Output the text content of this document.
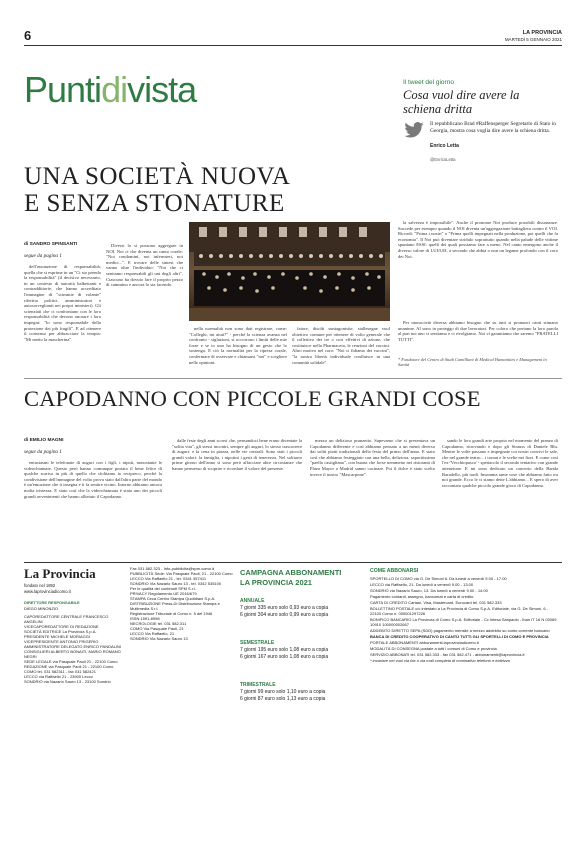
6	LA PROVINCIA
MARTEDÌ 5 GENNAIO 2021
Puntidivista	Il tweet del giorno
Cosa vuol dire avere la schiena dritta
Il repubblicano Brad #Raffensperger Segretario di Stato in Georgia, mostra cosa voglia dire avere la schiena dritta.
Enrico Letta
@EnricoLetta
UNA SOCIETÀ NUOVA
E SENZA STONATURE
di SANDRO SPINSANTI
segue da pagina 1

dell'assunzione di responsabilità, quella che si esprime in un "Ci sto prendo la responsabilità" (il decisivo necessario, in un contesto di autorità balbettanti e contraddittorie, che hanno accreditato l'immagine di "scimmie di volante" rifertita politici, amministratori e autosorveglianti nei propri ministeri). Gli scienziati che ci confrontano con le loro responsabilità che devono onorare i loro impegni: "Io sono responsabile della protezione dei più fragili". E ad ottenere il consenso per abbracciare la terapia: "Mi metto la mascherina".

Diversi lo si possono aggregare in NOI. Noi ci che diventa un canto corale: "Noi condomini, noi infermieri, noi medici...". E trovare delle sintesi che vanno oltre l'individuo: "Noi che ci sentiamo responsabili gli uni degli altri". Ciascuno ha dovuto fare il proprio pezzo di cammino e ancora lo sta facendo.

nella normalità non sono dati registrare, come: "Colleghi, mi aiuti?" - perché la scienza avanza nel confronto - siglazioni, si occorrono i limiti delle mie forze e se io uno ha bisogno di un gesto che lo sostenga. E ciò la normalità per la ripresa corale, confermare di osservare e chiamarsi "noi" e scegliere nelle opinioni.

fatore, disolti suntagonistie, siallesegne vuol obiettivo comune per ottenere di volto generale che il collettivo dei tre o cori effettivi di azione, che costituisce nella Pharmaceia, le reazioni del vaccini. Altro motivo nel coro: "Noi ci fidiamo dei vaccini", "la nostra libertà individuale confluisce in una comunità solidale".

la salvezza è impossibile". Anche il pronome Noi produce possibili dissonanze. Succede per esempio quando il NOI diventa un'aggregazione battagliera contro il VOI. Ricordi: "Prima i nostri" o "Prima quelli impegnati nella produzione, poi quelli che fa economia". Il Noi può diventare stridulo soprattutto quando nella palude delle vittime spuntano ESSI: quelli dei quali possiamo fare a meno. Nel canto emergono anche il diverso valore di LUI/LEI, a secondo che abbia o non un legame profondo con il coro dei Noi.

Per unosocietà diversa abbiamo bisogno che su tutti si pronunci canti stimano unanime. Al sono in proteggo di due lavoratori. Per coloro che portano la loro parola al pari noi uno ci sentiamo e ci rivolgiamo. Noi vi garantiamo che saremo "FRATELLI TUTTI".

* Fondatore del Centro di Studi Camilliani di Medical Humanities e Management in Sanità
CAPODANNO CON PICCOLE GRANDI COSE
di EMILIO MAGNI
segue da pagina 1

entusiasmi le telefonate di auguri con i figli, i nipoti, nonostante le videochiamate. Questo però hanno comunque portato il bene felice di qualche sorriso in più di quello che sfoltiamo io recipreco, perché la condivisione dell'immagine del volto prova stato dall'altra parte del mondo è un'emozione che ti insegna e ti fa sentire vicino. Intorno abbiamo ancora molta tristezza. E stato così che la videochiamata è stata uno dei piccoli grandi avvenimenti che hanno allietato il Capodanno.

dalle feste degli anni scorsi che, pensandoci bene erano diventate la "solita vita", gli stessi incontri, sempre gli auguri, lo stesso trascorrere di auguri: e la cena in piazza, nelle vie centrali. Sono stati i piccoli grandi valori: la famiglia, i nipotini i gesti di tenerezza. Nel solitario prime giorno dell'anno si sono però affacciate altre circostanze che hanno permesso di scoprire e ricordare il valore del presente.

mezzo un delizioso pranzetto. Sapevamo che si presentava un Capodanno differente e così abbiamo pensato a un menù diverso dai soliti piatti tradizionali della festa del primo dell'anno. E stato così che abbiamo festeggiato con una bella, deliziosa, saporitissima "paella castigliana", con buona che forse nemmeno nei ristoranti di Plaza Mayor a Madrid sanno cucinare. Poi il dolce è stato scelto invece il nostro "Mascarpone".

sando le loro grandi arie proprio nel momento del pranzo di Capodanno, ritrovando e dopo gli Strauss di Daniele Blu. Mentre le volte passano e impegnate coi nostri convivi le sale, che nel grande teatro... i tornai e le scelte nei fiori. E come così l'ex-'Vecchiopasca' - spettacolo il secondo tentativo con grande attenzione. E mi sono dedicato un concerto della Banda Baradello, più tardi. Insomma tante cose che abbiamo fatto tra noi grande. Ecco le ci stamo dette L'abbiamo... E spero di aver raccontato qualche piccolo grande gioco di Capodanno.

La Provincia
fondato nel 1892
www.laprovinciadicomo.it
DIRETTORE RESPONSABILE
DIEGO MINONZIO
CAPOREDATTORE CENTRALE FRANCESCO ANGELINI
VICECAPOREDATTORE DI REDAZIONE
SOCIETÀ EDITRICE La Provincia S.p.A.
PRESIDENTE MICHELE MORIAGGI
VICEPRESIDENTE ANTONIO FRIGERIO
AMMINISTRATORE DELEGATO ENRICO PANDALINI
CONSIGLIERI ALBERTO BONAITI, MARIO ROMANO NEGRI
SEDE LEGALE via Pasquale Paoli 21 - 22100 Como
REDAZIONE via Pasquale Paoli 21 - 22100 Como
COMO tel. 031 582311 - fax 031 582421
LECCO via Raffaello 21 - 23900 Lecco
SONDRIO via Nazario Sauro 13 - 23100 Sondrio
Fax 031.582.323 - Info-pubblicita@spm.como.it
PUBBLICITÀ Sede: Via Pasquale Paoli, 21 - 22100 Como
LECCO Via Raffaello 21 - tel. 0341 357411
SONDRIO Via Nazario Sauro 13 - tel. 0342 535100
Per le qualità dei contenuti SPM S.r.l.
PRIVACY Regolamento UE 2016/679
STAMPA Ceca Centro Stampa Quotidiani S.p.A.
DISTRIBUZIONE Press-Di Distribuzione Stampa e Multimedia S.r.l.
Registrazione Tribunale di Como n. 5 del 1946
ISSN 1591-8998
NECROLOGIE tel. 031 582.311
COMO Via Pasquale Paoli, 21
LECCO Via Raffaello, 21
SONDRIO Via Nazario Sauro 13
CAMPAGNA ABBONAMENTI
LA PROVINCIA 2021
ANNUALE
7 giorni 335 euro solo 0,93 euro a copia
6 giorni 304 euro solo 0,99 euro a copia
SEMESTRALE
7 giorni 195 euro solo 1,08 euro a copia
6 giorni 167 euro solo 1,08 euro a copia
TRIMESTRALE
7 giorni 99 euro solo 1,10 euro a copia
6 giorni 87 euro solo 1,13 euro a copia
COME ABBONARSI
SPORTELLO DI COMO via G. De Simoni 6. Da lunedì a venerdì 9.00 - 17.00
LECCO via Raffaello, 21. Da lunedì a venerdì 9.00 - 13.00
SONDRIO via Nazario Sauro, 13. Da lunedì a venerdì 9.00 - 14.00
Pagamento contanti, assegno, bancomat e carta di credito
CARTA DI CREDITO Cartasì, Visa, Mastercard. Eurocard tel. 031 582.333
BOLLETTINO POSTALE c/c intestato a La Provincia di Como S.p.A. Editoriale, via G. De Simoni, 6 - 22100 Como n. 000001297226
BONIFICO BANCARIO La Provincia di Como S.p.A. Editoriale - Cc Intesa Sanpaolo - Iban IT 16 N 03069 10910 100000002667
ADDEBITO DIRETTO SEPA (SDD) pagamento mensile a mezzo addebito su conto corrente bancario
BANCA DI CREDITO COOPERATIVO DI CANTÙ TUTTI GLI SPORTELLI DI COMO E PROVINCIA
PORTALE ABBONAMENTI abbonamenti.laprovinciadicomo.it
MODALITÀ DI CONSEGNA postale a tutti i comuni di Como e provincia
SERVIZIO ABBONATI tel. 031 582.333 - fax 031 582.471 - abbonamenti@laprovincia.it
* invariare nei vuoi via fax o via mail completa di nominativo telefono e indirizzo
